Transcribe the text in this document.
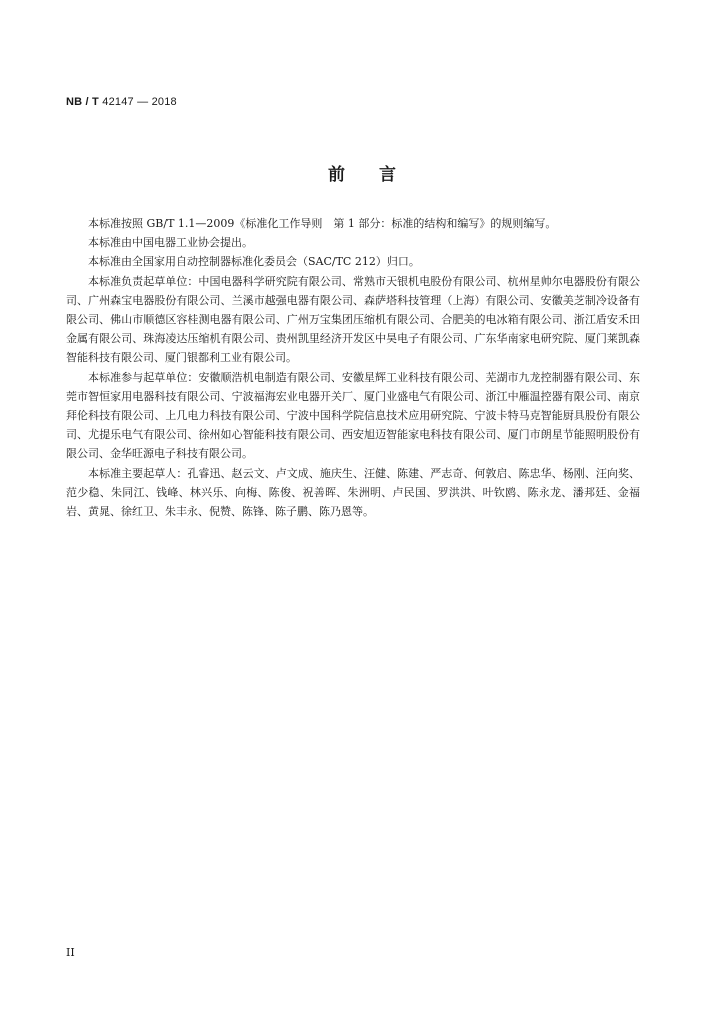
NB / T 42147 — 2018
前言

本标准按照 GB/T 1.1—2009《标准化工作导则　第 1 部分：标准的结构和编写》的规则编写。

本标准由中国电器工业协会提出。

本标准由全国家用自动控制器标准化委员会（SAC/TC 212）归口。

本标准负责起草单位：中国电器科学研究院有限公司、常熟市天银机电股份有限公司、杭州星帅尔电器股份有限公司、广州森宝电器股份有限公司、兰溪市越强电器有限公司、森萨塔科技管理（上海）有限公司、安徽美芝制冷设备有限公司、佛山市顺德区容桂测电器有限公司、广州万宝集团压缩机有限公司、合肥美的电冰箱有限公司、浙江盾安禾田金属有限公司、珠海凌达压缩机有限公司、贵州凯里经济开发区中昊电子有限公司、广东华南家电研究院、厦门莱凯森智能科技有限公司、厦门银都利工业有限公司。

本标准参与起草单位：安徽顺浩机电制造有限公司、安徽星辉工业科技有限公司、芜湖市九龙控制器有限公司、东莞市智恒家用电器科技有限公司、宁波福海宏业电器开关厂、厦门业盛电气有限公司、浙江中雁温控器有限公司、南京拜伦科技有限公司、上几电力科技有限公司、宁波中国科学院信息技术应用研究院、宁波卡特马克智能厨具股份有限公司、尤提乐电气有限公司、徐州如心智能科技有限公司、西安旭迈智能家电科技有限公司、厦门市朗星节能照明股份有限公司、金华旺源电子科技有限公司。

本标准主要起草人：孔睿迅、赵云文、卢文成、施庆生、汪健、陈建、严志奇、何敦启、陈忠华、杨刚、汪向奖、范少稳、朱同江、钱峰、林兴乐、向梅、陈俊、祝善晖、朱洲明、卢民国、罗洪洪、叶钦鸥、陈永龙、潘邦廷、金福岩、黄晁、徐红卫、朱丰永、倪赞、陈锋、陈子鹏、陈乃恩等。

II
